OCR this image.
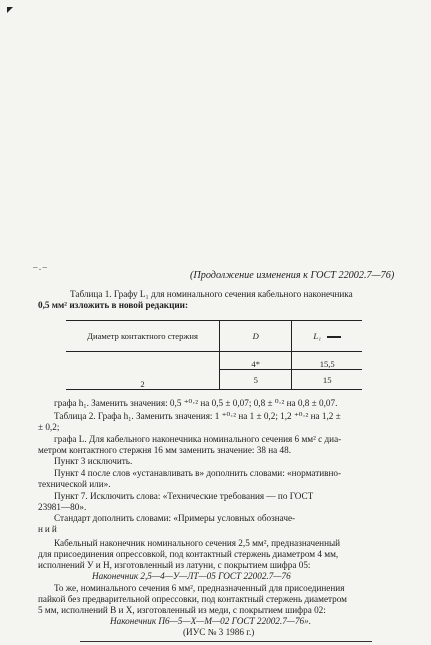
–․–
(Продолжение изменения к ГОСТ 22002.7—76)
Таблица 1. Графу L₁ для номинального сечения кабельного наконечника
0,5 мм² изложить в новой редакции:
Диаметр контактного стержня	D	L₁
2	4*	15,5
	5	15
графа h₁. Заменить значения: 0,5 ⁺⁰·² на 0,5 ± 0,07; 0,8 ± ⁰·² на 0,8 ± 0,07.
Таблица 2. Графа h₁. Заменить значения: 1 ⁺⁰·² на 1 ± 0,2; 1,2 ⁺⁰·² на 1,2 ±
± 0,2;
графа L. Для кабельного наконечника номинального сечения 6 мм² с диа-
метром контактного стержня 16 мм заменить значение: 38 на 48.
Пункт 3 исключить.
Пункт 4 после слов «устанавливать в» дополнить словами: «нормативно-
технической или».
Пункт 7. Исключить слова: «Технические требования — по ГОСТ
23981—80».
Стандарт дополнить словами: «Примеры условных обозначе-
ний
Кабельный наконечник номинального сечения 2,5 мм², предназначенный
для присоединения опрессовкой, под контактный стержень диаметром 4 мм,
исполнений У и Н, изготовленный из латуни, с покрытием шифра 05:
Наконечник 2,5—4—У—ЛТ—05 ГОСТ 22002.7—76
То же, номинального сечения 6 мм², предназначенный для присоединения
пайкой без предварительной опрессовки, под контактный стержень диаметром
5 мм, исполнений В и Х, изготовленный из меди, с покрытием шифра 02:
Наконечник П6—5—Х—М—02 ГОСТ 22002.7—76».
(ИУС № 3 1986 г.)
